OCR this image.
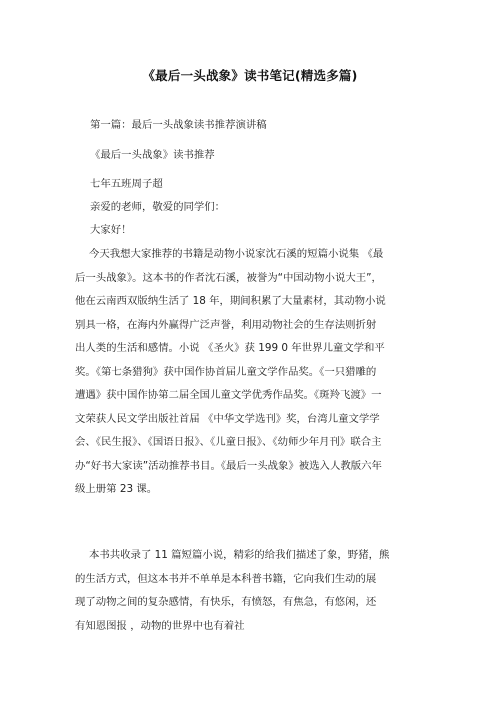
《最后一头战象》读书笔记(精选多篇)
第一篇：最后一头战象读书推荐演讲稿
《最后一头战象》读书推荐
七年五班周子超
亲爱的老师，敬爱的同学们：
大家好！
今天我想大家推荐的书籍是动物小说家沈石溪的短篇小说集 《最
后一头战象》。这本书的作者沈石溪，被誉为“中国动物小说大王”，
他在云南西双版纳生活了 18 年，期间积累了大量素材，其动物小说
别具一格，在海内外赢得广泛声誉，利用动物社会的生存法则折射
出人类的生活和感情。小说 《圣火》获 199 0 年世界儿童文学和平
奖。《第七条猎狗》获中国作协首届儿童文学作品奖。《一只猎雕的
遭遇》获中国作协第二届全国儿童文学优秀作品奖。《斑羚飞渡》一
文荣获人民文学出版社首届 《中华文学选刊》奖，台湾儿童文学学
会、《民生报》、《国语日报》、《儿童日报》、《幼师少年月刊》联合主
办“好书大家读”活动推荐书目。《最后一头战象》被选入人教版六年
级上册第 23 课。
本书共收录了 11 篇短篇小说，精彩的给我们描述了象，野猪，熊
的生活方式，但这本书并不单单是本科普书籍，它向我们生动的展
现了动物之间的复杂感情，有快乐，有愤怒，有焦急，有悠闲，还
有知恩图报 ，动物的世界中也有着社
